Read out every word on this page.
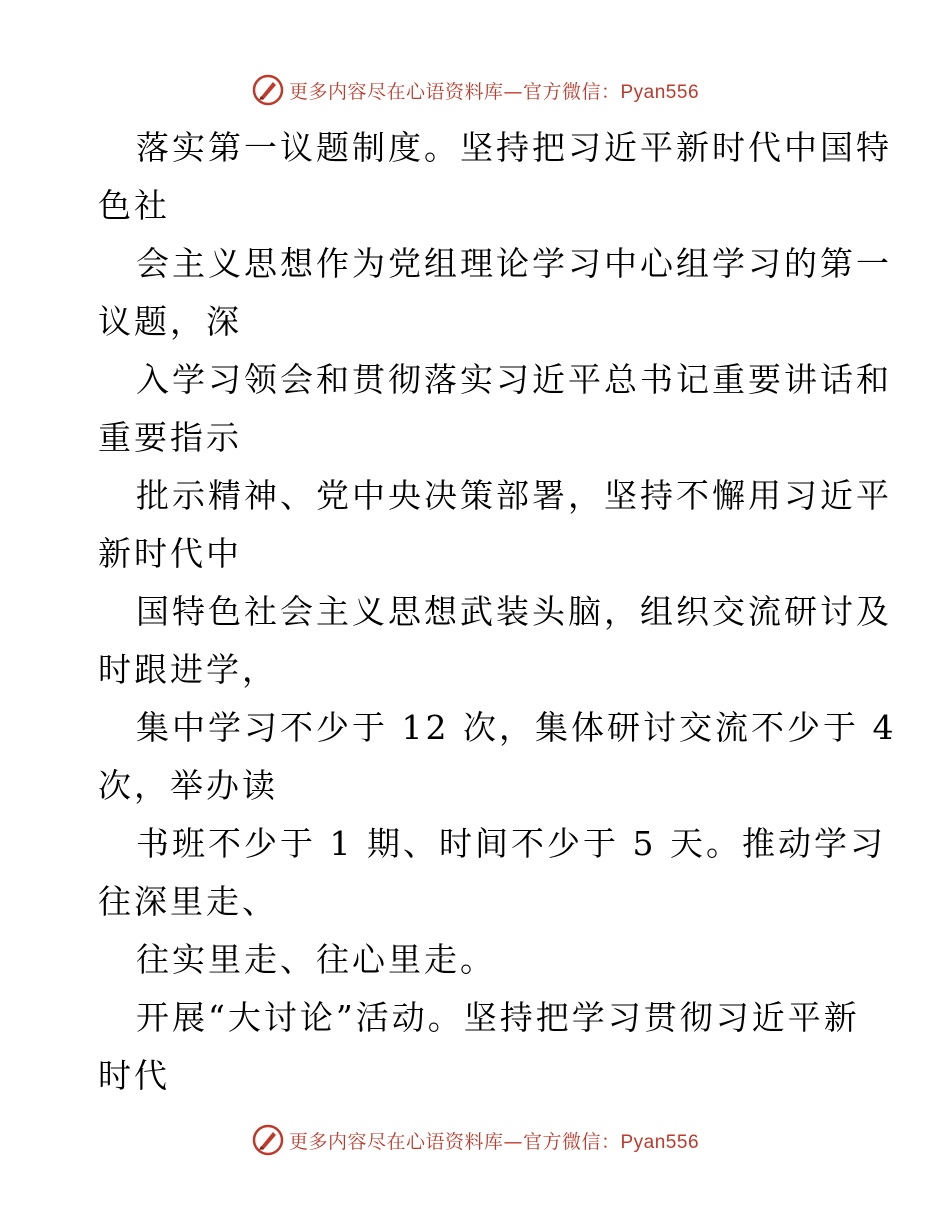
更多内容尽在心语资料库—官方微信：Pyan556
落实第一议题制度。坚持把习近平新时代中国特
色社
会主义思想作为党组理论学习中心组学习的第一
议题，深
入学习领会和贯彻落实习近平总书记重要讲话和
重要指示
批示精神、党中央决策部署，坚持不懈用习近平
新时代中
国特色社会主义思想武装头脑，组织交流研讨及
时跟进学，
集中学习不少于 12 次，集体研讨交流不少于 4
次，举办读
书班不少于 1 期、时间不少于 5 天。推动学习
往深里走、
往实里走、往心里走。
开展“大讨论”活动。坚持把学习贯彻习近平新
时代
更多内容尽在心语资料库—官方微信：Pyan556
